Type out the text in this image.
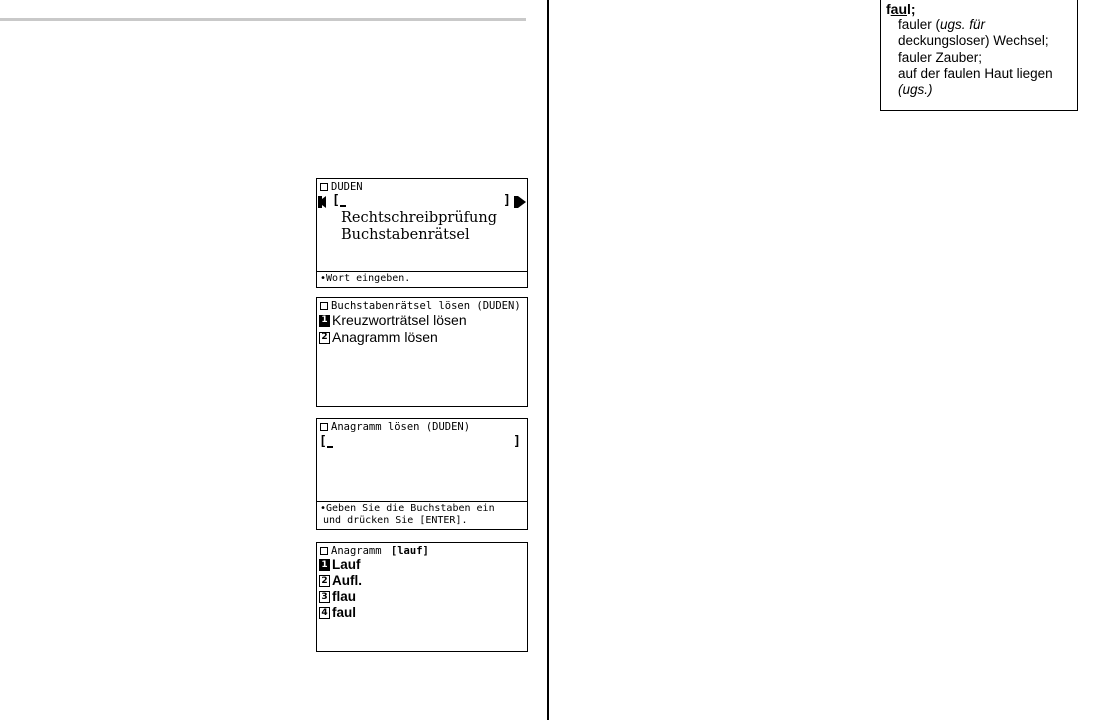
DUDEN
[	]
Rechtschreibprüfung
Buchstabenrätsel
•Wort eingeben.
Buchstabenrätsel lösen (DUDEN)
1 Kreuzworträtsel lösen
2 Anagramm lösen
Anagramm lösen (DUDEN)
[	]
•Geben Sie die Buchstaben ein
und drücken Sie [ENTER].
Anagramm [lauf]
1 Lauf
2 Aufl.
3 flau
4 faul
faul;
fauler (ugs. für
deckungsloser) Wechsel;
fauler Zauber;
auf der faulen Haut liegen
(ugs.)
